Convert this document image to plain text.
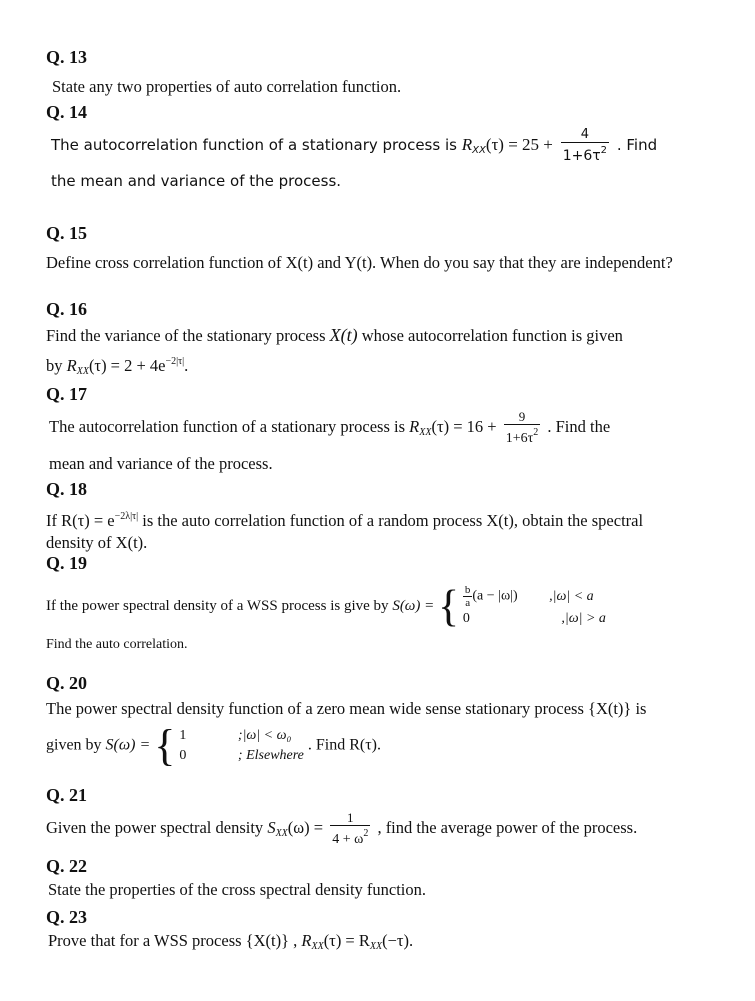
Q. 13
State any two properties of auto correlation function.
Q. 14
The autocorrelation function of a stationary process is $R_{XX}(\tau) = 25 + \frac{4}{1+6\tau^2}$ . Find
the mean and variance of the process.
Q. 15
Define cross correlation function of X(t) and Y(t). When do you say that they are independent?
Q. 16
Find the variance of the stationary process X(t) whose autocorrelation function is given
by $R_{XX}(\tau) = 2 + 4e^{-2|\tau|}$.
Q. 17
The autocorrelation function of a stationary process is $R_{XX}(\tau) = 16 + \frac{9}{1+6\tau^2}$ . Find the
mean and variance of the process.
Q. 18
If $R(\tau) = e^{-2\lambda|\tau|}$ is the auto correlation function of a random process X(t), obtain the spectral density of X(t).
Q. 19
If the power spectral density of a WSS process is give by S(ω) = { $\frac{b}{a} (a - |\omega|) ,|\omega| < a$
0	,|ω| > a
Find the auto correlation.
Q. 20
The power spectral density function of a zero mean wide sense stationary process {X(t)} is
given by S(ω) = { 1	;|ω| < ω₀
0	; Elsewhere
. Find R(τ).
Q. 21
Given the power spectral density $S_{XX}(\omega) = \frac{1}{4 + \omega^2}$ , find the average power of the process.
Q. 22
State the properties of the cross spectral density function.
Q. 23
Prove that for a WSS process {X(t)} , $R_{XX}(\tau) = R_{XX}(-\tau)$.
